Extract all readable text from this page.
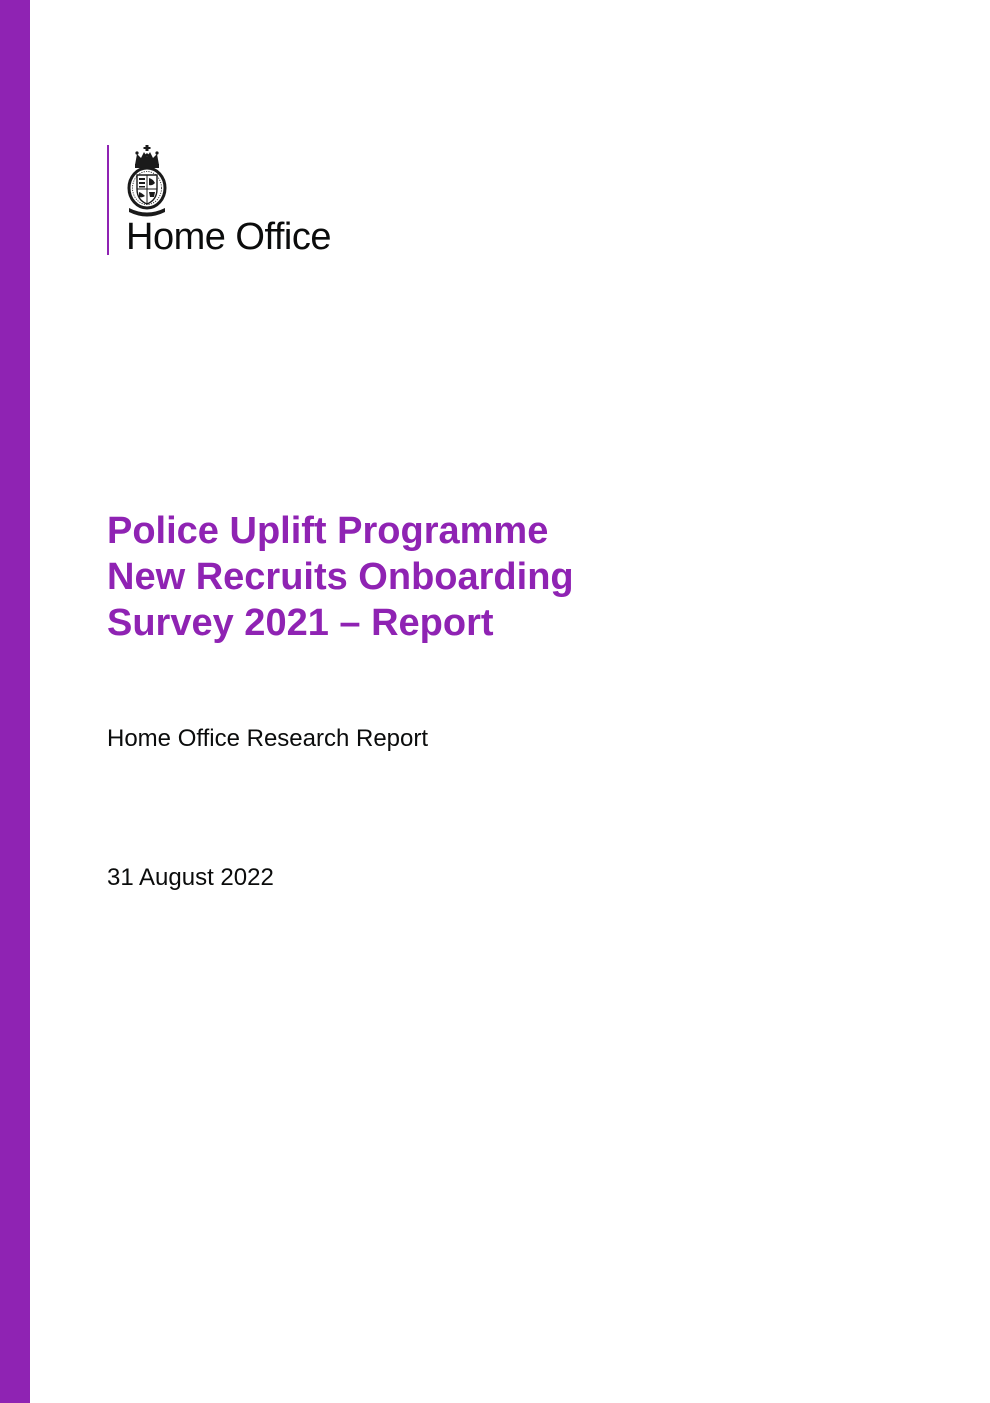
Home Office
Police Uplift Programme
New Recruits Onboarding
Survey 2021 – Report
Home Office Research Report
31 August 2022
